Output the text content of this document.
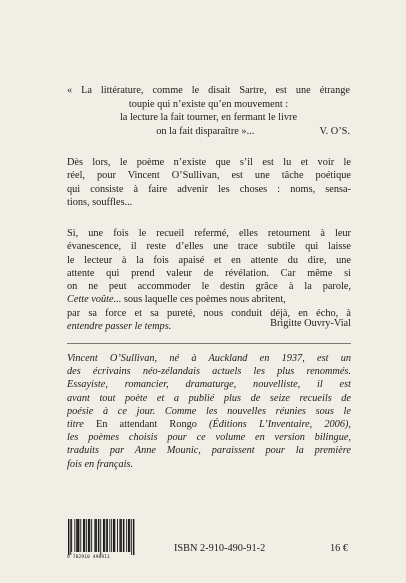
« La littérature, comme le disait Sartre, est une étrange
toupie qui n’existe qu’en mouvement :
la lecture la fait tourner, en fermant le livre
on la fait disparaître »...	V. O’S.
Dès lors, le poème n’existe que s’il est lu et voir le
réel, pour Vincent O’Sullivan, est une tâche poétique
qui consiste à faire advenir les choses : noms, sensa-
tions, souffles...
Si, une fois le recueil refermé, elles retournent à leur
évanescence, il reste d’elles une trace subtile qui laisse
le lecteur à la fois apaisé et en attente du dire, une
attente qui prend valeur de révélation. Car même si
on ne peut accommoder le destin grâce à la parole,
Cette voûte... sous laquelle ces poèmes nous abritent,
par sa force et sa pureté, nous conduit déjà, en écho, à
entendre passer le temps.	Brigitte Ouvry-Vial
Vincent O’Sullivan, né à Auckland en 1937, est un
des écrivains néo-zélandais actuels les plus renommés.
Essayiste, romancier, dramaturge, nouvelliste, il est
avant tout poète et a publié plus de seize recueils de
poésie à ce jour. Comme les nouvelles réunies sous le
titre En attendant Rongo (Éditions L’Inventaire, 2006),
les poèmes choisis pour ce volume en version bilingue,
traduits par Anne Mounic, paraissent pour la première
fois en français.
9 782910 490911
ISBN 2-910-490-91-2	16 €
